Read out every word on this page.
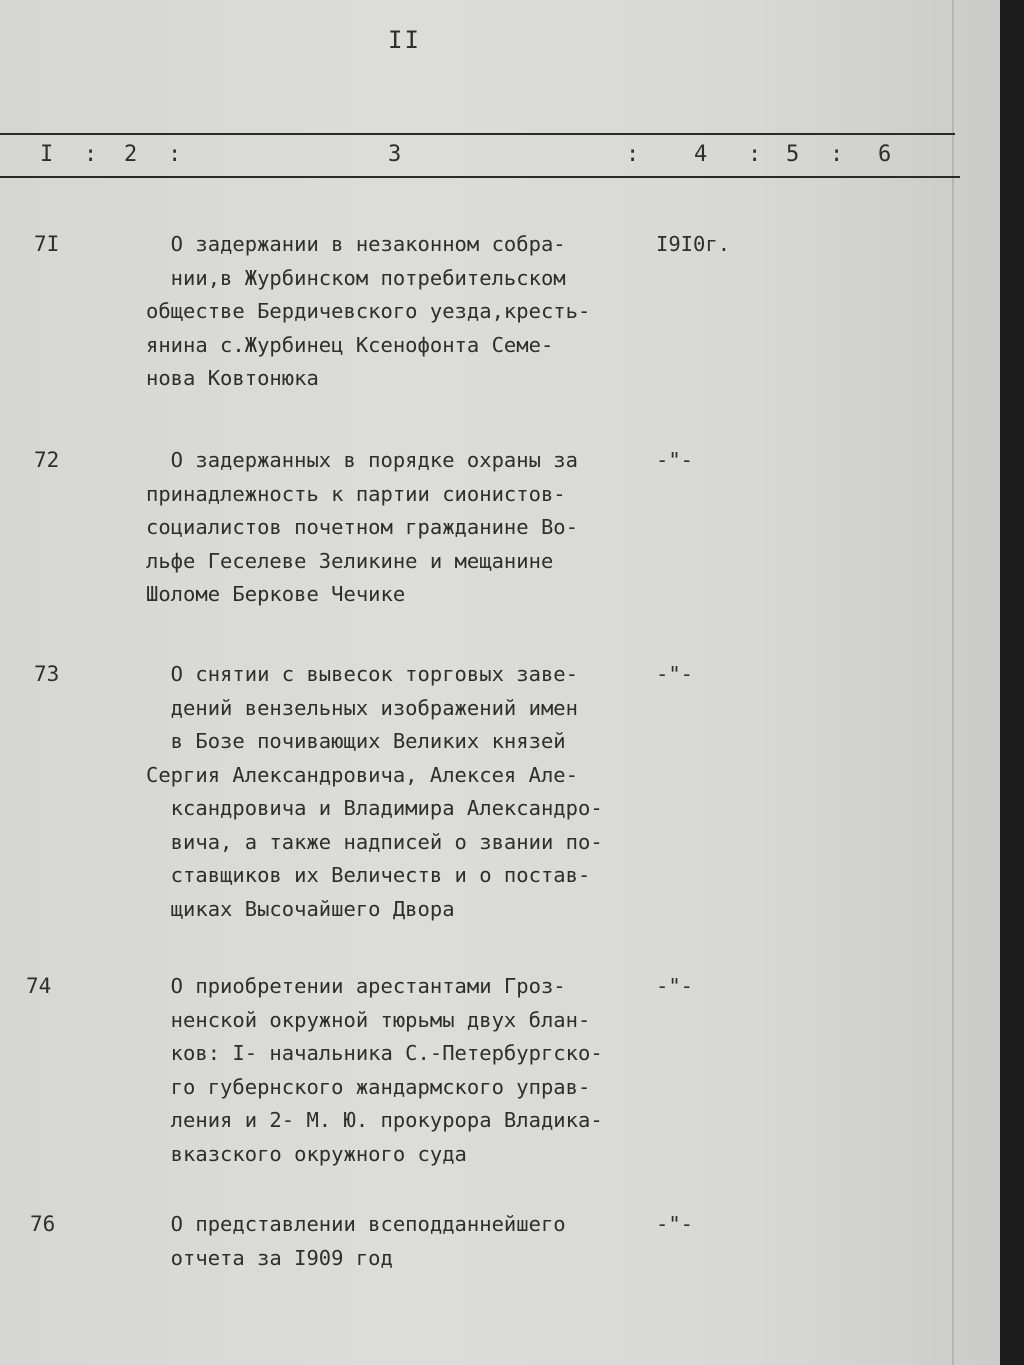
II
I : 2 :	3	: 4 : 5 : 6
7I	О задержании в незаконном собра-
нии,в Журбинском потребительском
обществе Бердичевского уезда,кресть-
янина с.Журбинец Ксенофонта Семе-
нова Ковтонюка
I9I0г.
72	О задержанных в порядке охраны за
принадлежность к партии сионистов-
социалистов почетном гражданине Во-
льфе Геселеве Зеликине и мещанине
Шоломе Беркове Чечике
-"-
73	О снятии с вывесок торговых заве-
дений вензельных изображений имен
в Бозе почивающих Великих князей
Сергия Александровича, Алексея Але-
ксандровича и Владимира Александро-
вича, а также надписей о звании по-
ставщиков их Величеств и о постав-
щиках Высочайшего Двора
-"-
74	О приобретении арестантами Гроз-
ненской окружной тюрьмы двух блан-
ков: I- начальника С.-Петербургско-
го губернского жандармского управ-
ления и 2- М. Ю. прокурора Владика-
вказского окружного суда
-"-
76	О представлении всеподданнейшего
отчета за I909 год
-"-
